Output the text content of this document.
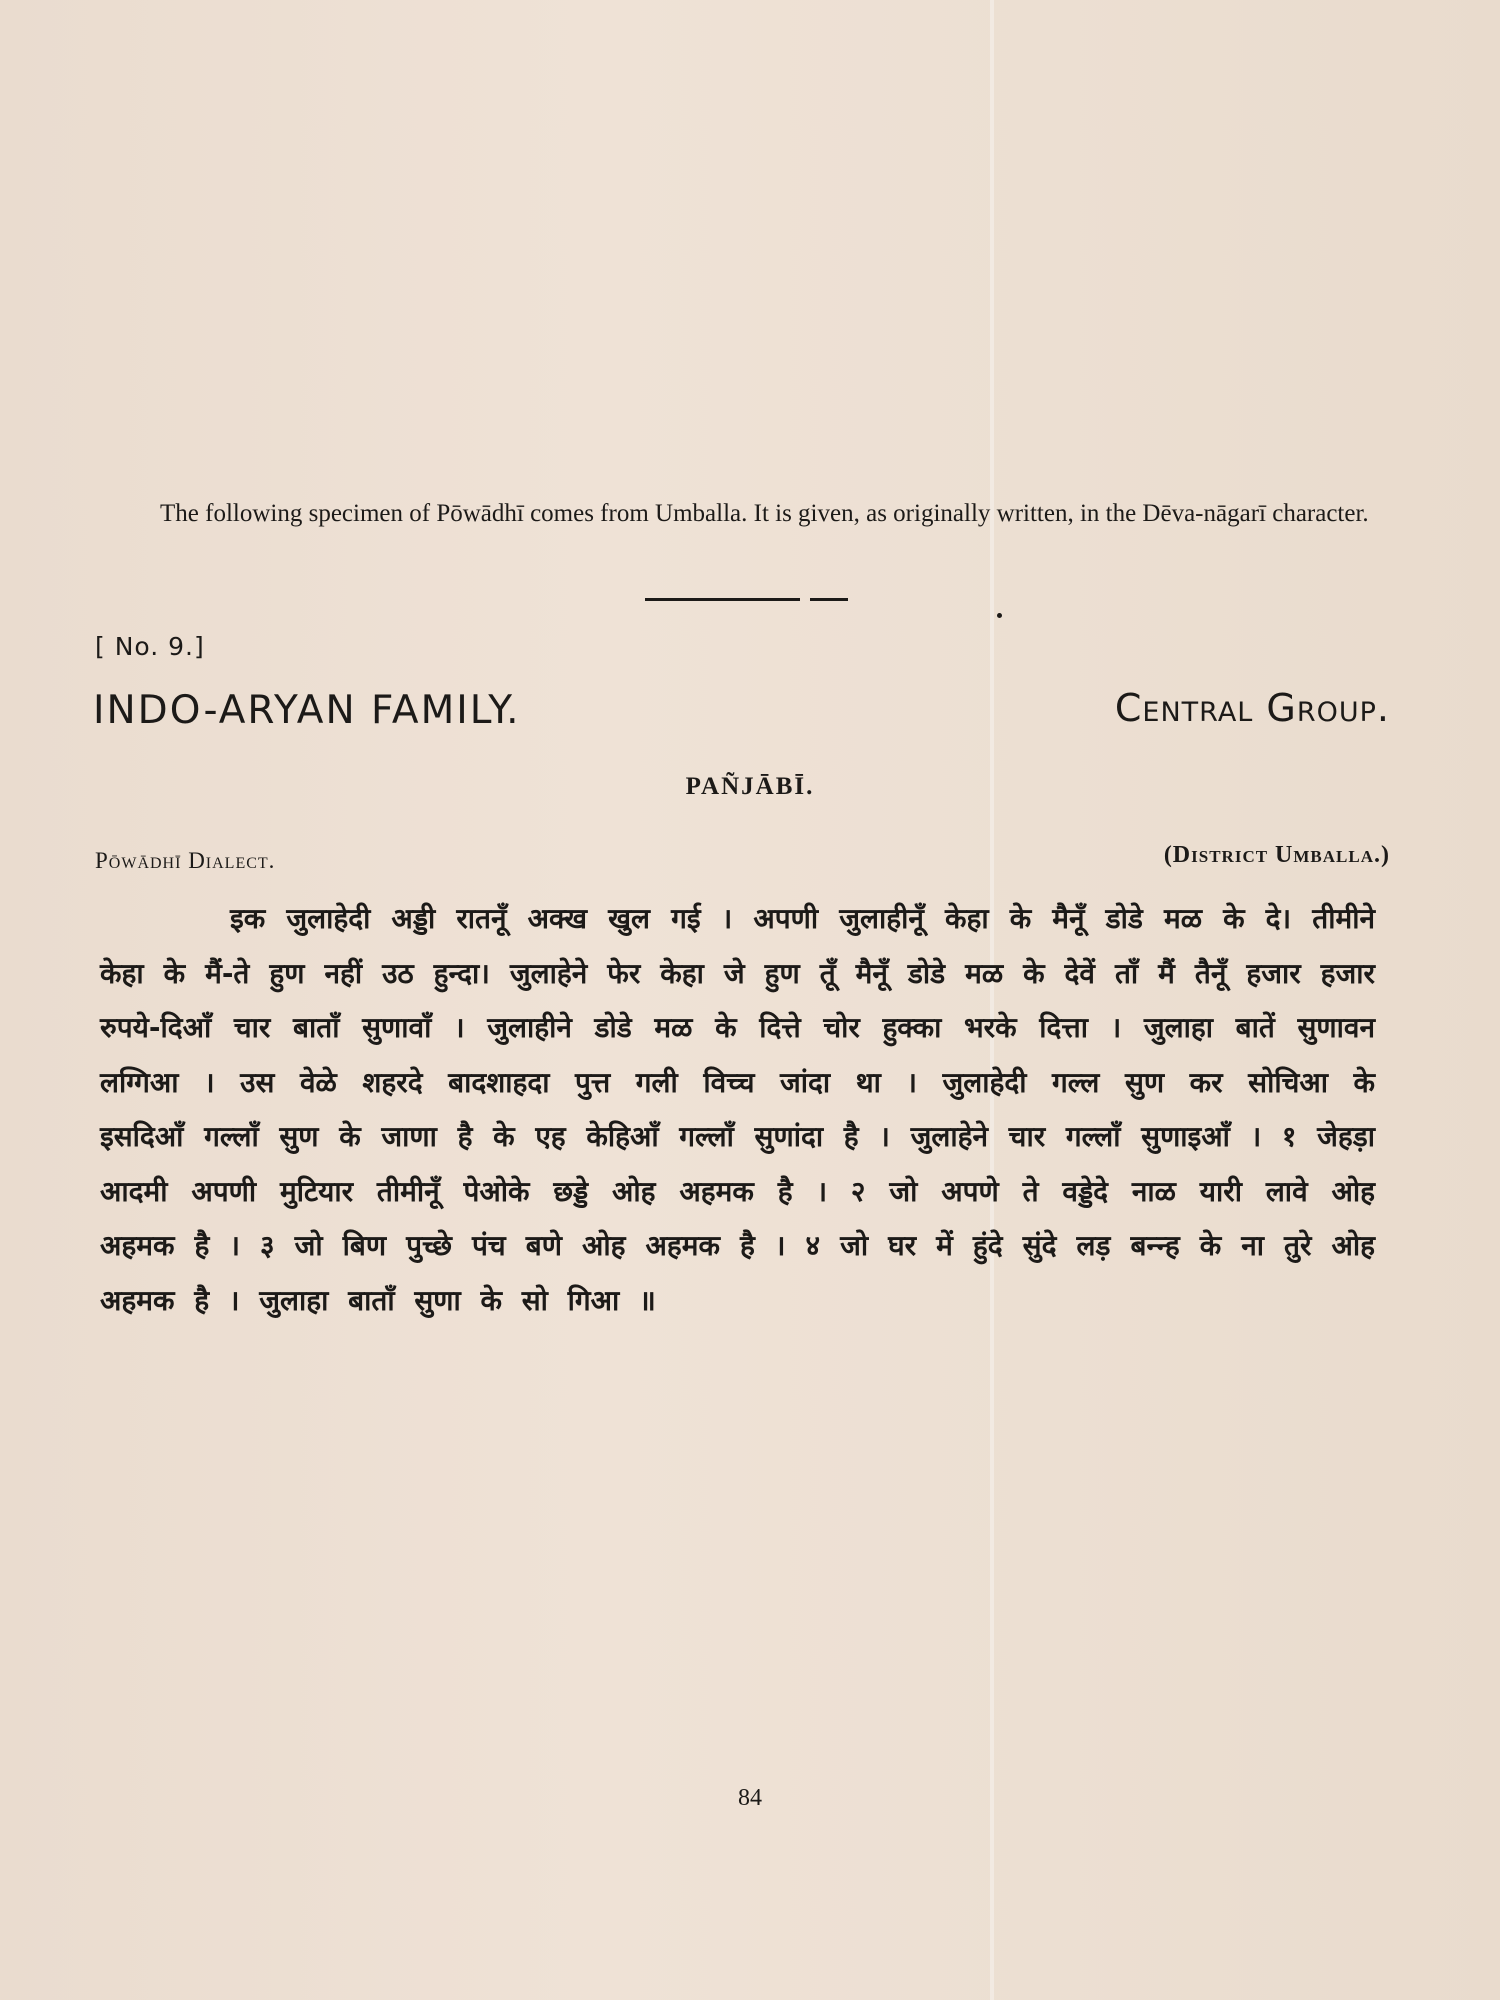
The following specimen of Pōwādhī comes from Umballa. It is given, as originally written, in the Dēva-nāgarī character.

[ No. 9.]
INDO-ARYAN FAMILY.	Central Group.
PAÑJĀBĪ.
Pōwādhī Dialect.	(District Umballa.)

इक जुलाहेदी अड्डी रातनूँ अक्ख खुल गई । अपणी जुलाहीनूँ केहा के मैनूँ डोडे मळ के दे। तीमीने केहा के मैं-ते हुण नहीं उठ हुन्दा। जुलाहेने फेर केहा जे हुण तूँ मैनूँ डोडे मळ के देवें ताँ मैं तैनूँ हजार हजार रुपये-दिआँ चार बाताँ सुणावाँ । जुलाहीने डोडे मळ के दित्ते चोर हुक्का भरके दित्ता । जुलाहा बातें सुणावन लग्गिआ । उस वेळे शहरदे बादशाहदा पुत्त गली विच्च जांदा था । जुलाहेदी गल्ल सुण कर सोचिआ के इसदिआँ गल्लाँ सुण के जाणा है के एह केहिआँ गल्लाँ सुणांदा है । जुलाहेने चार गल्लाँ सुणाइआँ । १ जेहड़ा आदमी अपणी मुटियार तीमीनूँ पेओके छड्डे ओह अहमक है । २ जो अपणे ते वड्डेदे नाळ यारी लावे ओह अहमक है । ३ जो बिण पुच्छे पंच बणे ओह अहमक है । ४ जो घर में हुंदे सुंदे लड़ बन्न्ह के ना तुरे ओह अहमक है । जुलाहा बाताँ सुणा के सो गिआ ॥

84
